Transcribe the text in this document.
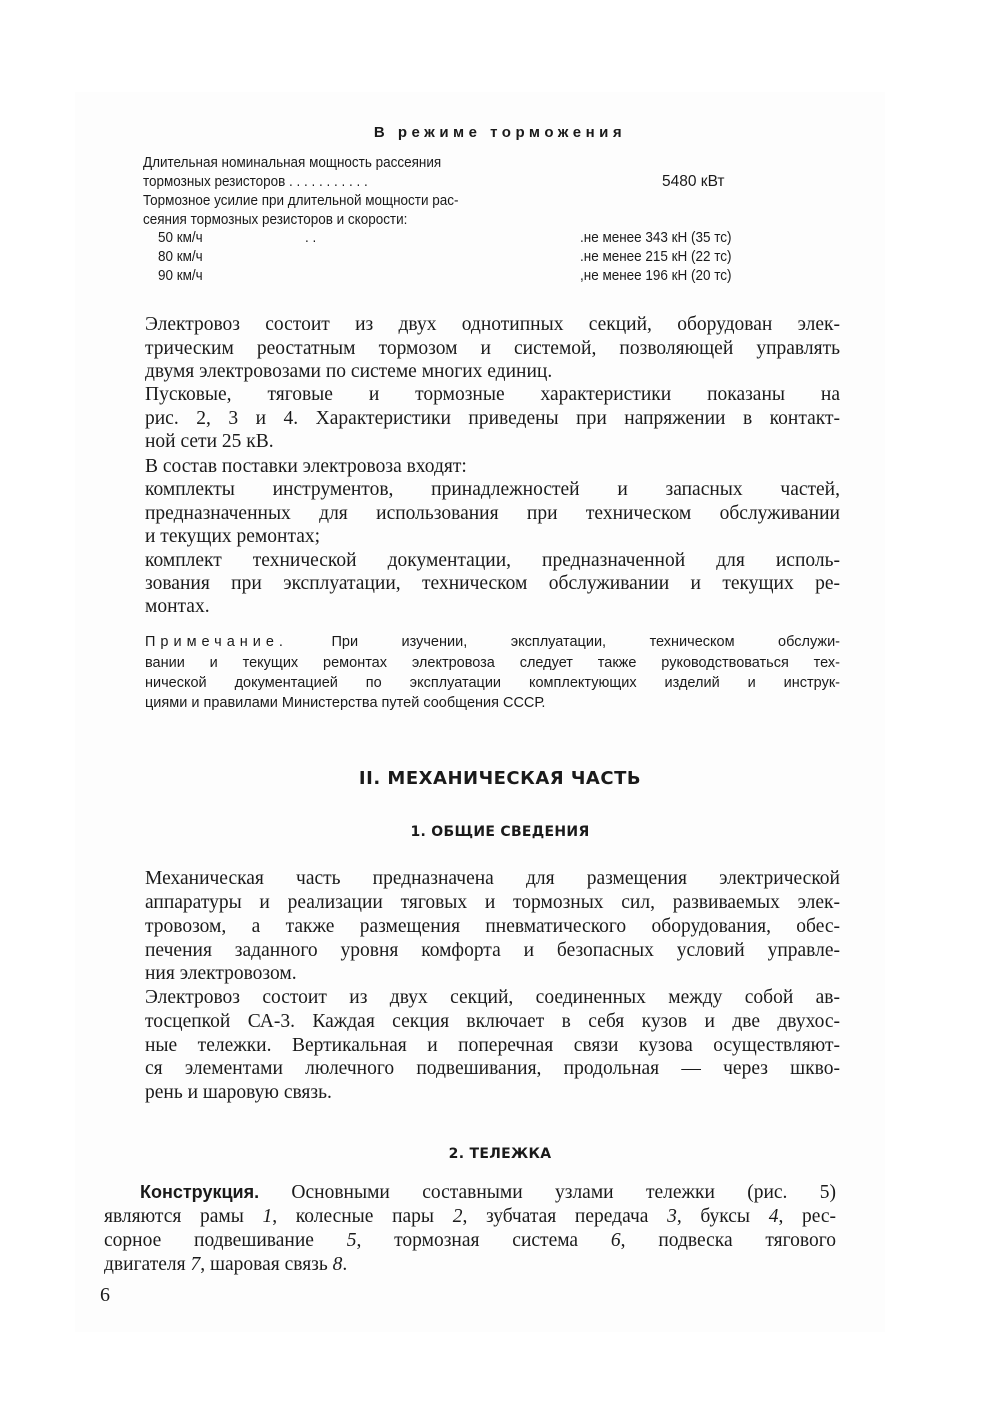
В режиме торможения
Длительная номинальная мощность рассеяния
тормозных резисторов . . . . . . . . . . .	5480 кВт
Тормозное усилие при длительной мощности рас-
сеяния тормозных резисторов и скорости:
50 км/ч	. .	.не менее 343 кН (35 тс)
80 км/ч	.не менее 215 кН (22 тс)
90 км/ч	,не менее 196 кН (20 тс)
Электровоз состоит из двух однотипных секций, оборудован элек-
трическим реостатным тормозом и системой, позволяющей управлять
двумя электровозами по системе многих единиц.
Пусковые, тяговые и тормозные характеристики показаны на
рис. 2, 3 и 4. Характеристики приведены при напряжении в контакт-
ной сети 25 кВ.
В состав поставки электровоза входят:
комплекты инструментов, принадлежностей и запасных частей,
предназначенных для использования при техническом обслуживании
и текущих ремонтах;
комплект технической документации, предназначенной для исполь-
зования при эксплуатации, техническом обслуживании и текущих ре-
монтах.
Примечание.	При изучении, эксплуатации, техническом обслужи-
вании и текущих ремонтах электровоза следует также руководствоваться тех-
нической документацией по эксплуатации комплектующих изделий и инструк-
циями и правилами Министерства путей сообщения СССР.
II. МЕХАНИЧЕСКАЯ ЧАСТЬ
1. ОБЩИЕ СВЕДЕНИЯ
Механическая часть предназначена для размещения электрической
аппаратуры и реализации тяговых и тормозных сил, развиваемых элек-
тровозом, а также размещения пневматического оборудования, обес-
печения заданного уровня комфорта и безопасных условий управле-
ния электровозом.
Электровоз состоит из двух секций, соединенных между собой ав-
тосцепкой СА-3. Каждая секция включает в себя кузов и две двухос-
ные тележки. Вертикальная и поперечная связи кузова осуществляют-
ся элементами люлечного подвешивания, продольная — через шкво-
рень и шаровую связь.
2. ТЕЛЕЖКА
Конструкция. Основными составными узлами тележки (рис. 5)
являются рамы 1, колесные пары 2, зубчатая передача 3, буксы 4, рес-
сорное подвешивание 5, тормозная система 6, подвеска тягового
двигателя 7, шаровая связь 8.
6
